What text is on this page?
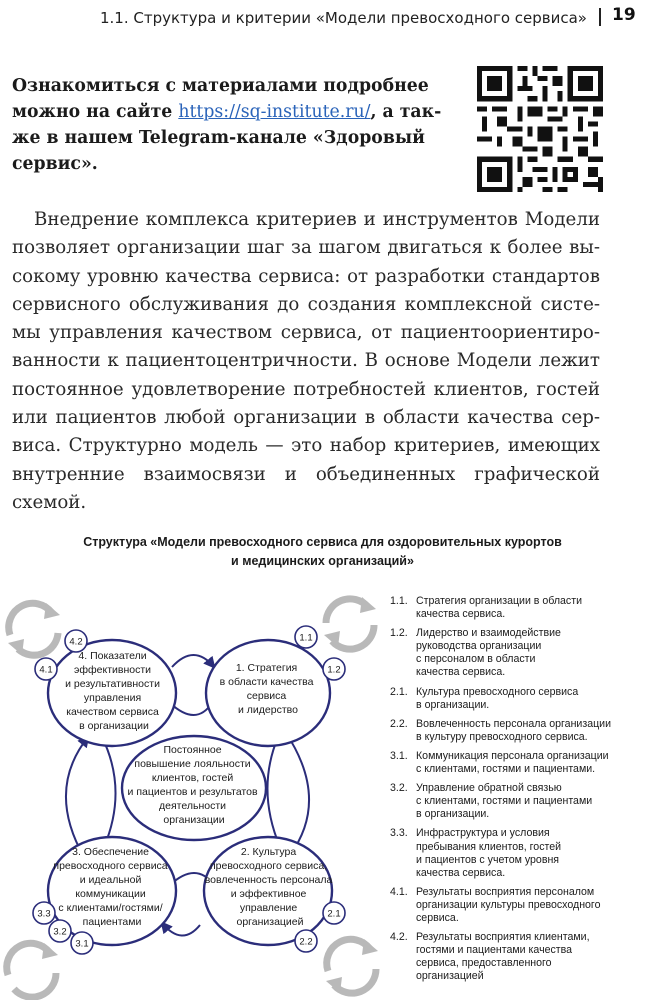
1.1. Структура и критерии «Модели превосходного сервиса» 19
Ознакомиться с материалами подробнее
можно на сайте https://sq-institute.ru/, а так-
же в нашем Telegram-канале «Здоровый
сервис».
Внедрение комплекса критериев и инструментов Модели
позволяет организации шаг за шагом двигаться к более вы-
сокому уровню качества сервиса: от разработки стандартов
сервисного обслуживания до создания комплексной систе-
мы управления качеством сервиса, от пациентоориентиро-
ванности к пациентоцентричности. В основе Модели лежит
постоянное удовлетворение потребностей клиентов, гостей
или пациентов любой организации в области качества сер-
виса. Структурно модель — это набор критериев, имеющих
внутренние взаимосвязи и объединенных графической
схемой.
Структура «Модели превосходного сервиса для оздоровительных курортов
и медицинских организаций»
1.1
1.2
2.1
2.2
3.1
3.2
3.3
4.1
4.2
1. Стратегия в области качества сервиса и лидерство
4. Показатели эффективности и результативности управления качеством сервиса в организации
Постоянное повышение лояльности клиентов, гостей и пациентов и результатов деятельности организации
2. Культура превосходного сервиса, вовлеченность персонала и эффективное управление организацией
3. Обеспечение превосходного сервиса и идеальной коммуникации с клиентами/гостями/ пациентами
1.1. Стратегия организации в области
качества сервиса.
1.2. Лидерство и взаимодействие
руководства организации
с персоналом в области
качества сервиса.
2.1. Культура превосходного сервиса
в организации.
2.2. Вовлеченность персонала организации
в культуру превосходного сервиса.
3.1. Коммуникация персонала организации
с клиентами, гостями и пациентами.
3.2. Управление обратной связью
с клиентами, гостями и пациентами
в организации.
3.3. Инфраструктура и условия
пребывания клиентов, гостей
и пациентов с учетом уровня
качества сервиса.
4.1. Результаты восприятия персоналом
организации культуры превосходного
сервиса.
4.2. Результаты восприятия клиентами,
гостями и пациентами качества
сервиса, предоставленного
организацией
